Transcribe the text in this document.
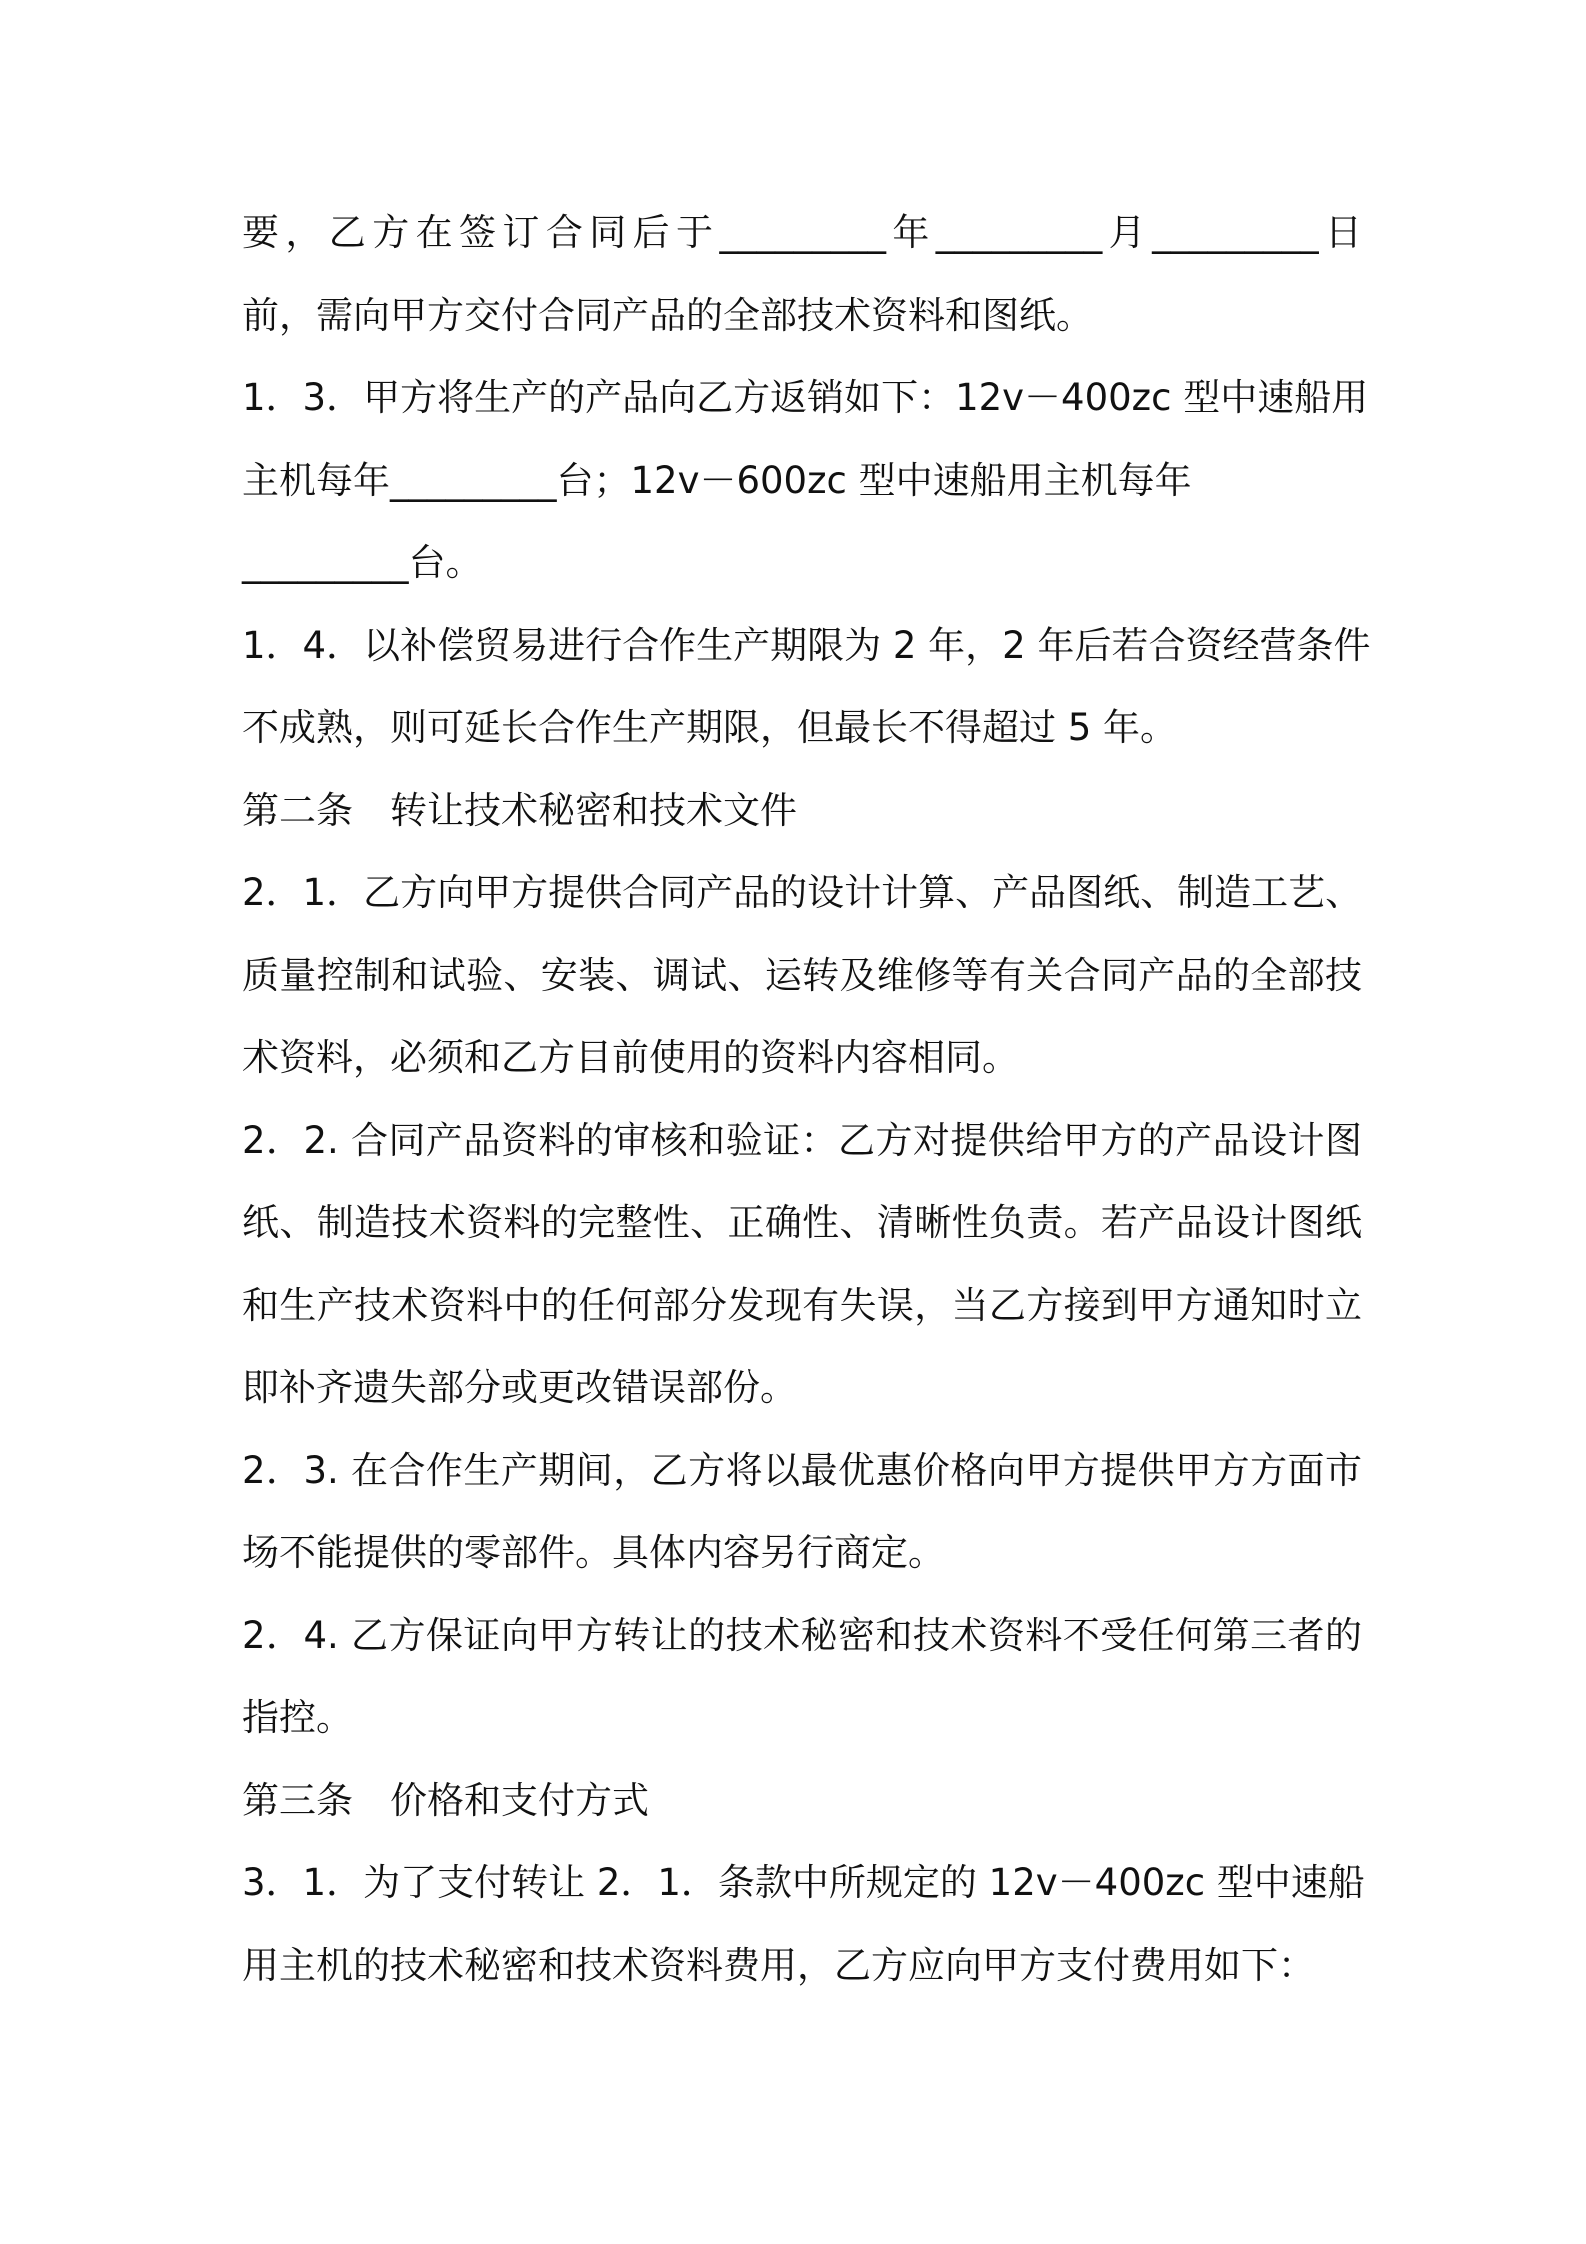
要，乙方在签订合同后于_________年_________月_________日
前，需向甲方交付合同产品的全部技术资料和图纸。
1．3．甲方将生产的产品向乙方返销如下：12v－400zc 型中速船用
主机每年_________台；12v－600zc 型中速船用主机每年
_________台。
1．4．以补偿贸易进行合作生产期限为 2 年，2 年后若合资经营条件
不成熟，则可延长合作生产期限，但最长不得超过 5 年。
第二条　转让技术秘密和技术文件
2．1．乙方向甲方提供合同产品的设计计算、产品图纸、制造工艺、
质量控制和试验、安装、调试、运转及维修等有关合同产品的全部技
术资料，必须和乙方目前使用的资料内容相同。
2．2. 合同产品资料的审核和验证：乙方对提供给甲方的产品设计图
纸、制造技术资料的完整性、正确性、清晰性负责。若产品设计图纸
和生产技术资料中的任何部分发现有失误，当乙方接到甲方通知时立
即补齐遗失部分或更改错误部份。
2．3. 在合作生产期间，乙方将以最优惠价格向甲方提供甲方方面市
场不能提供的零部件。具体内容另行商定。
2．4. 乙方保证向甲方转让的技术秘密和技术资料不受任何第三者的
指控。
第三条　价格和支付方式
3．1．为了支付转让 2．1．条款中所规定的 12v－400zc 型中速船
用主机的技术秘密和技术资料费用，乙方应向甲方支付费用如下：
